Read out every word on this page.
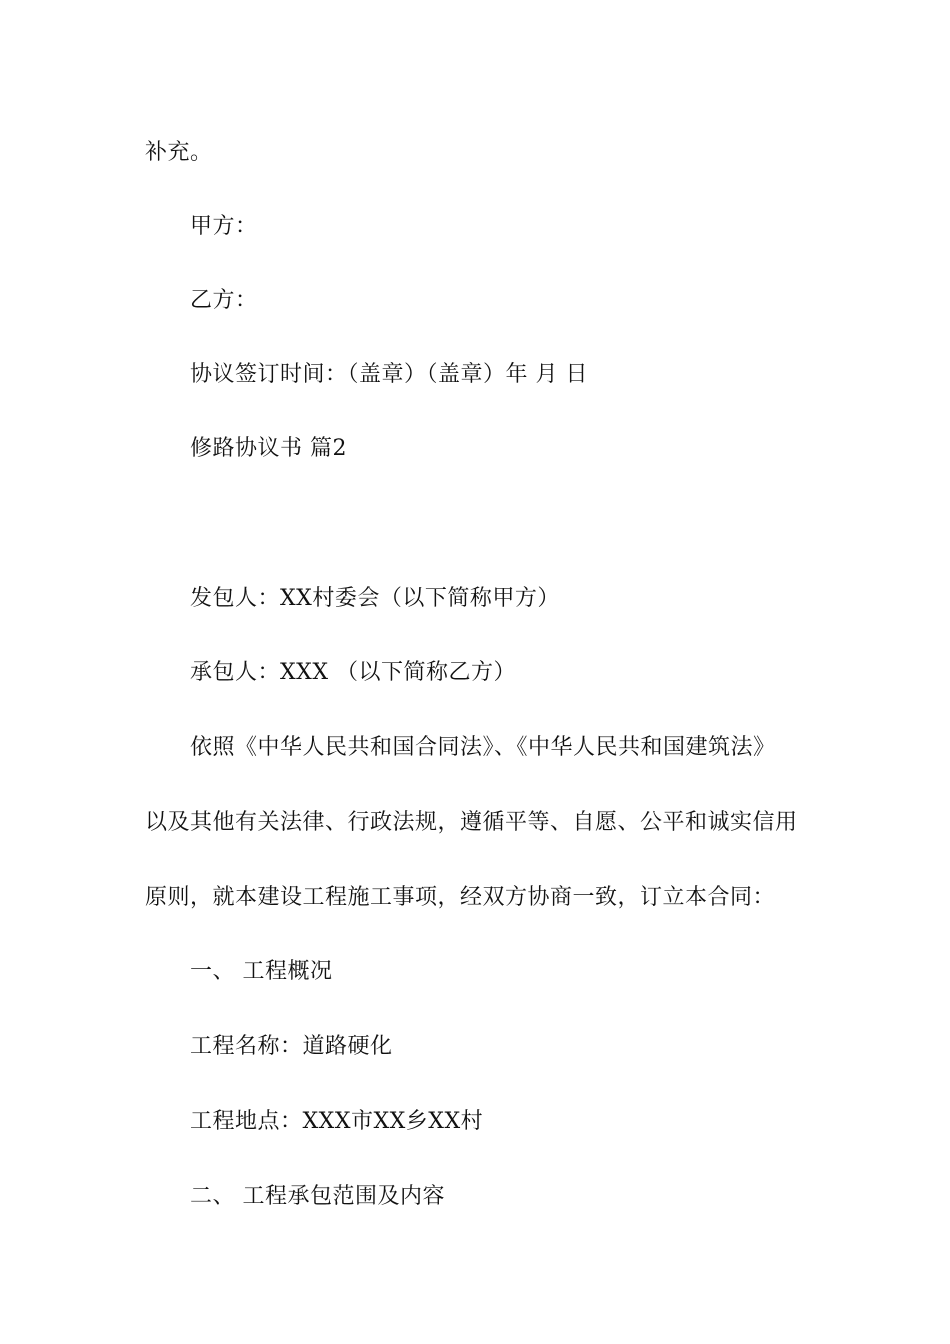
补充。
甲方：
乙方：
协议签订时间：（盖章）（盖章）年 月 日
修路协议书 篇2
发包人：XX村委会（以下简称甲方）
承包人：XXX （以下简称乙方）
依照《中华人民共和国合同法》、《中华人民共和国建筑法》
以及其他有关法律、行政法规，遵循平等、自愿、公平和诚实信用
原则，就本建设工程施工事项，经双方协商一致，订立本合同：
一、 工程概况
工程名称：道路硬化
工程地点：XXX市XX乡XX村
二、 工程承包范围及内容
